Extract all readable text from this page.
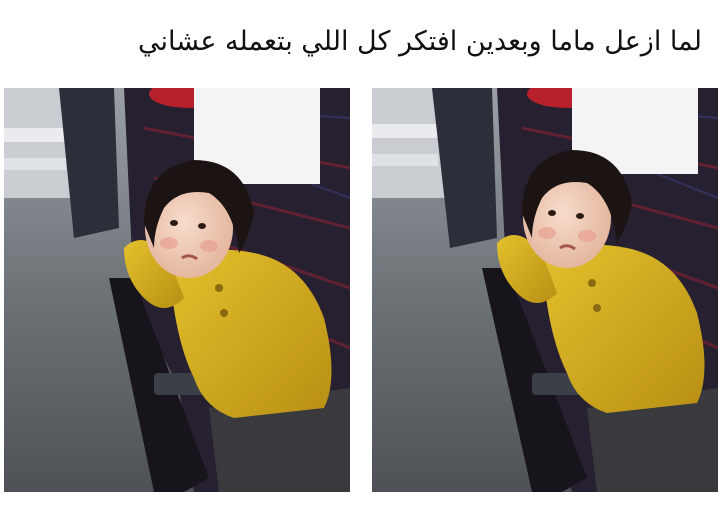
لما ازعل ماما وبعدين افتكر كل اللي بتعمله عشاني
